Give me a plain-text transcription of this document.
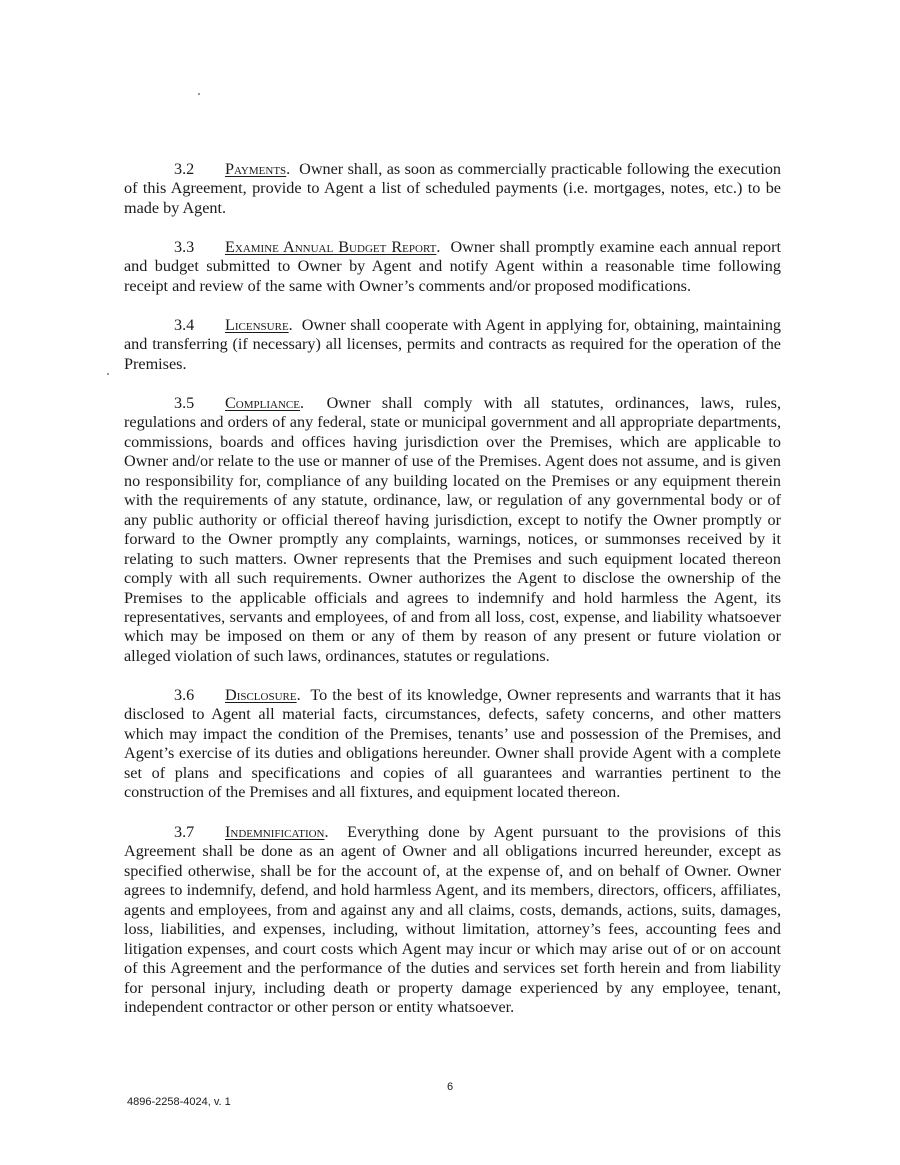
3.2 Payments.  Owner shall, as soon as commercially practicable following the execution of this Agreement, provide to Agent a list of scheduled payments (i.e. mortgages, notes, etc.) to be made by Agent.

3.3 Examine Annual Budget Report.  Owner shall promptly examine each annual report and budget submitted to Owner by Agent and notify Agent within a reasonable time following receipt and review of the same with Owner’s comments and/or proposed modifications.

3.4 Licensure.  Owner shall cooperate with Agent in applying for, obtaining, maintaining and transferring (if necessary) all licenses, permits and contracts as required for the operation of the Premises.

3.5 Compliance.  Owner shall comply with all statutes, ordinances, laws, rules, regulations and orders of any federal, state or municipal government and all appropriate departments, commissions, boards and offices having jurisdiction over the Premises, which are applicable to Owner and/or relate to the use or manner of use of the Premises. Agent does not assume, and is given no responsibility for, compliance of any building located on the Premises or any equipment therein with the requirements of any statute, ordinance, law, or regulation of any governmental body or of any public authority or official thereof having jurisdiction, except to notify the Owner promptly or forward to the Owner promptly any complaints, warnings, notices, or summonses received by it relating to such matters. Owner represents that the Premises and such equipment located thereon comply with all such requirements. Owner authorizes the Agent to disclose the ownership of the Premises to the applicable officials and agrees to indemnify and hold harmless the Agent, its representatives, servants and employees, of and from all loss, cost, expense, and liability whatsoever which may be imposed on them or any of them by reason of any present or future violation or alleged violation of such laws, ordinances, statutes or regulations.

3.6 Disclosure.  To the best of its knowledge, Owner represents and warrants that it has disclosed to Agent all material facts, circumstances, defects, safety concerns, and other matters which may impact the condition of the Premises, tenants’ use and possession of the Premises, and Agent’s exercise of its duties and obligations hereunder. Owner shall provide Agent with a complete set of plans and specifications and copies of all guarantees and warranties pertinent to the construction of the Premises and all fixtures, and equipment located thereon.

3.7 Indemnification.  Everything done by Agent pursuant to the provisions of this Agreement shall be done as an agent of Owner and all obligations incurred hereunder, except as specified otherwise, shall be for the account of, at the expense of, and on behalf of Owner. Owner agrees to indemnify, defend, and hold harmless Agent, and its members, directors, officers, affiliates, agents and employees, from and against any and all claims, costs, demands, actions, suits, damages, loss, liabilities, and expenses, including, without limitation, attorney’s fees, accounting fees and litigation expenses, and court costs which Agent may incur or which may arise out of or on account of this Agreement and the performance of the duties and services set forth herein and from liability for personal injury, including death or property damage experienced by any employee, tenant, independent contractor or other person or entity whatsoever.

6
4896-2258-4024, v. 1
